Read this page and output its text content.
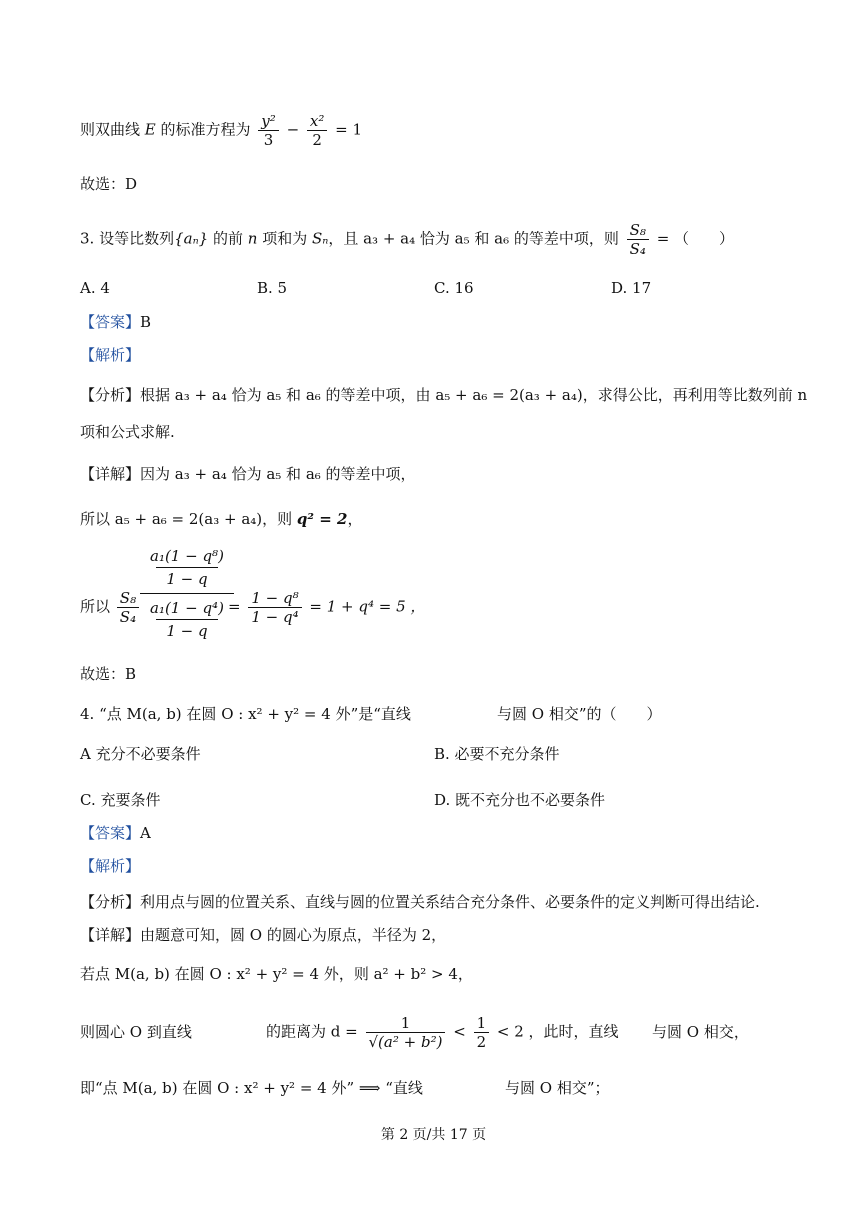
则双曲线 E 的标准方程为 $\frac{\text{y²}}{3} - \frac{\text{x²}}{2} = 1$
故选：D
3. 设等比数列{aₙ} 的前 n 项和为 Sₙ，且 a₃ + a₄ 恰为 a₅ 和 a₆ 的等差中项，则 $\frac{\text{S₈}}{\text{S₄}}$ = （　　）
A. 4	B. 5	C. 16	D. 17
【答案】B
【解析】
【分析】根据 a₃ + a₄ 恰为 a₅ 和 a₆ 的等差中项，由 a₅ + a₆ = 2(a₃ + a₄)，求得公比，再利用等比数列前 n
项和公式求解.
【详解】因为 a₃ + a₄ 恰为 a₅ 和 a₆ 的等差中项，
所以 a₅ + a₆ = 2(a₃ + a₄)，则 q² = 2，
所以 $\frac{\text{S₈}}{\text{S₄}}$
a₁(1 − q⁸)
1 − q
a₁(1 − q⁴)
1 − q
= $\frac{\text{1 − q⁸}}{\text{1 − q⁴}} = 1 + q^4 = 5$ ，
故选：B
4. “点 M(a, b) 在圆 O : x² + y² = 4 外”是“直线	与圆 O 相交”的（　　）
A 充分不必要条件	B. 必要不充分条件
C. 充要条件	D. 既不充分也不必要条件
【答案】A
【解析】
【分析】利用点与圆的位置关系、直线与圆的位置关系结合充分条件、必要条件的定义判断可得出结论.
【详解】由题意可知，圆 O 的圆心为原点，半径为 2，
若点 M(a, b) 在圆 O : x² + y² = 4 外，则 a² + b² > 4，
则圆心 O 到直线	的距离为 $d = \frac{1}{\text{√(a² + b²)}} < \frac{1}{2} < 2$ ，此时，直线 与圆 O 相交，
即“点 M(a, b) 在圆 O : x² + y² = 4 外” ⟹ “直线	与圆 O 相交”；
第 2 页/共 17 页
